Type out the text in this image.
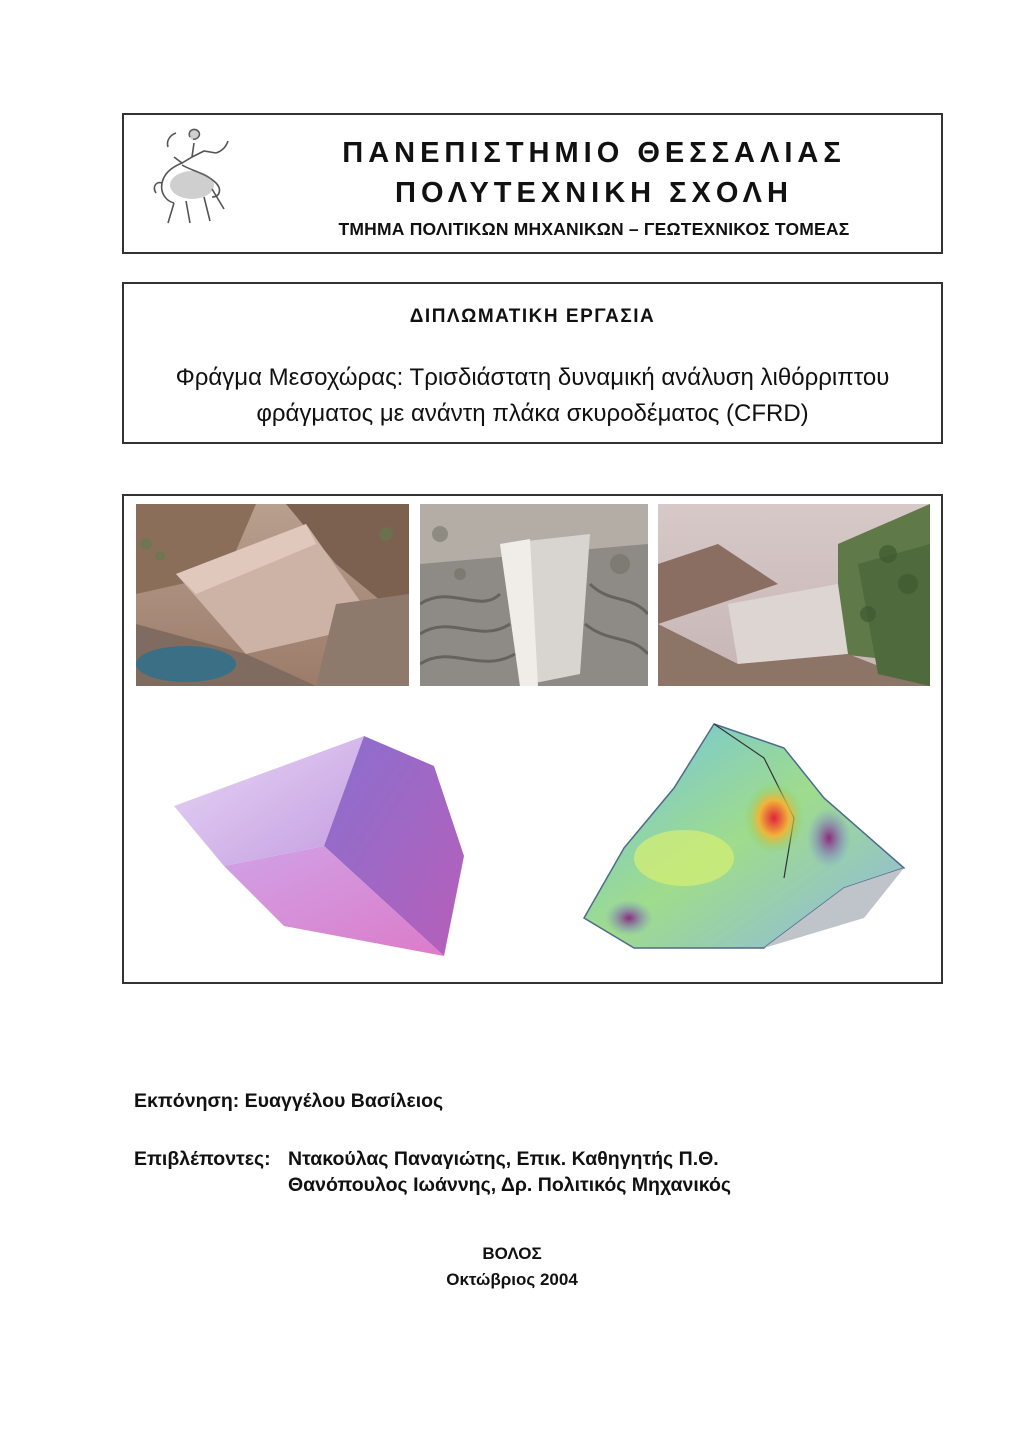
ΠΑΝΕΠΙΣΤΗΜΙΟ ΘΕΣΣΑΛΙΑΣ
ΠΟΛΥΤΕΧΝΙΚΗ ΣΧΟΛΗ
ΤΜΗΜΑ ΠΟΛΙΤΙΚΩΝ ΜΗΧΑΝΙΚΩΝ – ΓΕΩΤΕΧΝΙΚΟΣ ΤΟΜΕΑΣ
ΔΙΠΛΩΜΑΤΙΚΗ ΕΡΓΑΣΙΑ
Φράγμα Μεσοχώρας: Τρισδιάστατη δυναμική ανάλυση λιθόρριπτου
φράγματος με ανάντη πλάκα σκυροδέματος (CFRD)
Εκπόνηση: Ευαγγέλου Βασίλειος
Επιβλέποντες: Ντακούλας Παναγιώτης, Επικ. Καθηγητής Π.Θ.
Θανόπουλος Ιωάννης, Δρ. Πολιτικός Μηχανικός
ΒΟΛΟΣ
Οκτώβριος 2004
